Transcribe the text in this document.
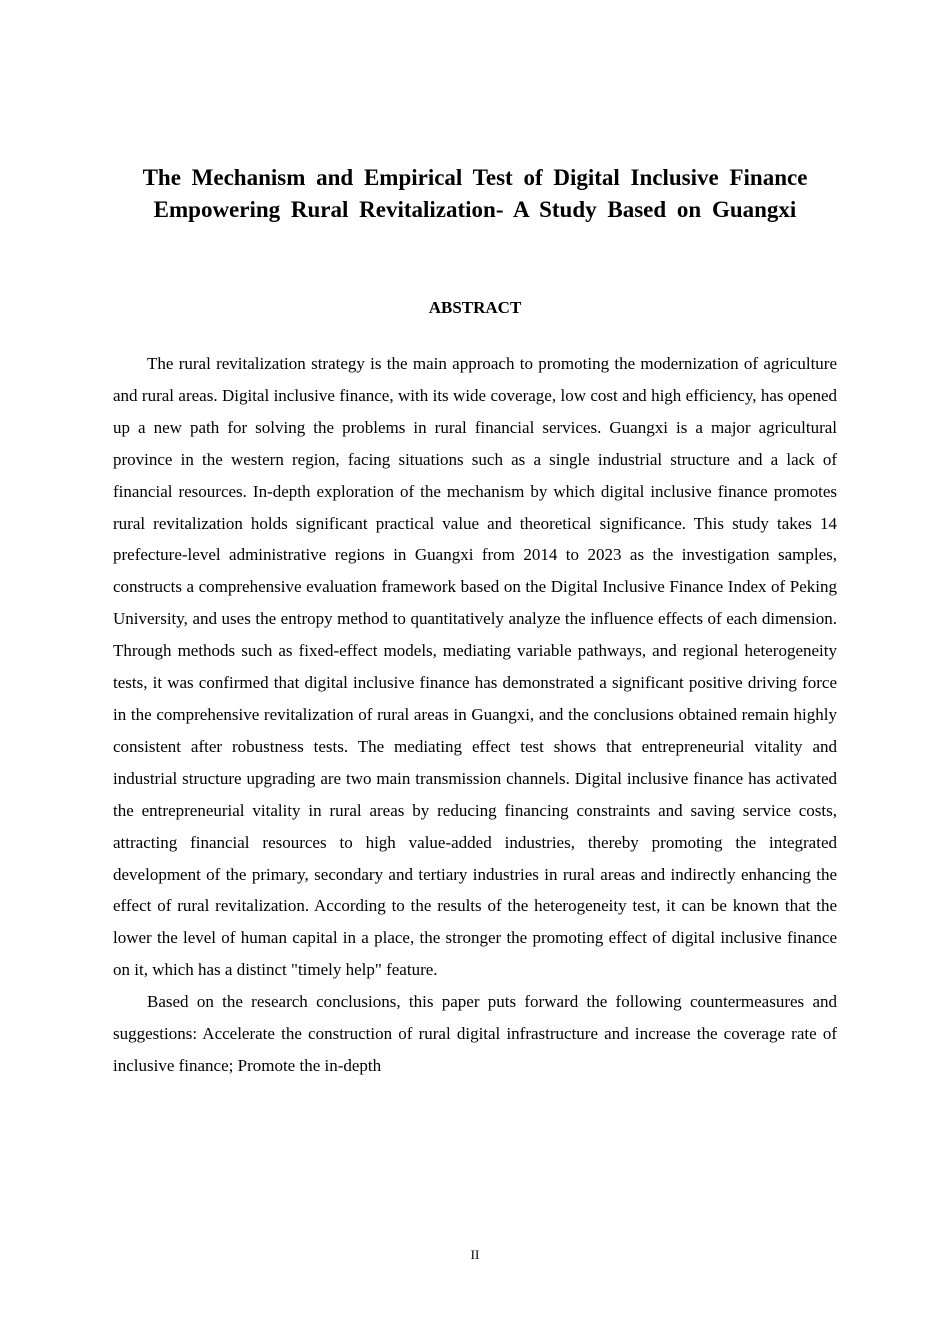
The Mechanism and Empirical Test of Digital Inclusive Finance Empowering Rural Revitalization- A Study Based on Guangxi
ABSTRACT

The rural revitalization strategy is the main approach to promoting the modernization of agriculture and rural areas. Digital inclusive finance, with its wide coverage, low cost and high efficiency, has opened up a new path for solving the problems in rural financial services. Guangxi is a major agricultural province in the western region, facing situations such as a single industrial structure and a lack of financial resources. In-depth exploration of the mechanism by which digital inclusive finance promotes rural revitalization holds significant practical value and theoretical significance. This study takes 14 prefecture-level administrative regions in Guangxi from 2014 to 2023 as the investigation samples, constructs a comprehensive evaluation framework based on the Digital Inclusive Finance Index of Peking University, and uses the entropy method to quantitatively analyze the influence effects of each dimension. Through methods such as fixed-effect models, mediating variable pathways, and regional heterogeneity tests, it was confirmed that digital inclusive finance has demonstrated a significant positive driving force in the comprehensive revitalization of rural areas in Guangxi, and the conclusions obtained remain highly consistent after robustness tests. The mediating effect test shows that entrepreneurial vitality and industrial structure upgrading are two main transmission channels. Digital inclusive finance has activated the entrepreneurial vitality in rural areas by reducing financing constraints and saving service costs, attracting financial resources to high value-added industries, thereby promoting the integrated development of the primary, secondary and tertiary industries in rural areas and indirectly enhancing the effect of rural revitalization. According to the results of the heterogeneity test, it can be known that the lower the level of human capital in a place, the stronger the promoting effect of digital inclusive finance on it, which has a distinct "timely help" feature.

Based on the research conclusions, this paper puts forward the following countermeasures and suggestions: Accelerate the construction of rural digital infrastructure and increase the coverage rate of inclusive finance; Promote the in-depth

II
